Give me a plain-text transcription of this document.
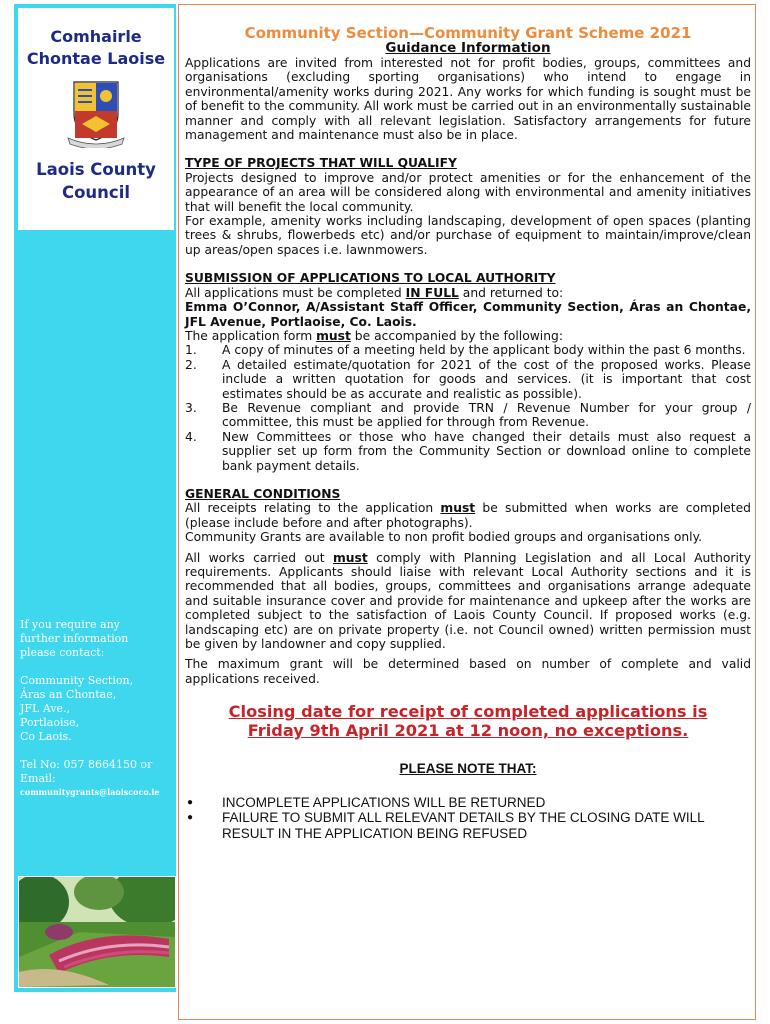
Comhairle
Chontae Laoise
Laois County
Council
If you require any
further information
please contact:
Community Section,
Áras an Chontae,
JFL Ave.,
Portlaoise,
Co Laois.
Tel No: 057 8664150 or
Email:
communitygrants@laoiscoco.ie
Community Section—Community Grant Scheme 2021
Guidance Information

Applications are invited from interested not for profit bodies, groups, committees and organisations (excluding sporting organisations) who intend to engage in environmental/amenity works during 2021. Any works for which funding is sought must be of benefit to the community. All work must be carried out in an environmentally sustainable manner and comply with all relevant legislation. Satisfactory arrangements for future management and maintenance must also be in place.

TYPE OF PROJECTS THAT WILL QUALIFY

Projects designed to improve and/or protect amenities or for the enhancement of the appearance of an area will be considered along with environmental and amenity initiatives that will benefit the local community.

For example, amenity works including landscaping, development of open spaces (planting trees & shrubs, flowerbeds etc) and/or purchase of equipment to maintain/improve/clean up areas/open spaces i.e. lawnmowers.

SUBMISSION OF APPLICATIONS TO LOCAL AUTHORITY

All applications must be completed IN FULL and returned to:

Emma O’Connor, A/Assistant Staff Officer, Community Section, Áras an Chontae, JFL Avenue, Portlaoise, Co. Laois.

The application form must be accompanied by the following:

1. A copy of minutes of a meeting held by the applicant body within the past 6 months.
2. A detailed estimate/quotation for 2021 of the cost of the proposed works. Please include a written quotation for goods and services. (it is important that cost estimates should be as accurate and realistic as possible).
3. Be Revenue compliant and provide TRN / Revenue Number for your group / committee, this must be applied for through from Revenue.
4. New Committees or those who have changed their details must also request a supplier set up form from the Community Section or download online to complete bank payment details.

GENERAL CONDITIONS

All receipts relating to the application must be submitted when works are completed (please include before and after photographs).

Community Grants are available to non profit bodied groups and organisations only.

All works carried out must comply with Planning Legislation and all Local Authority requirements. Applicants should liaise with relevant Local Authority sections and it is recommended that all bodies, groups, committees and organisations arrange adequate and suitable insurance cover and provide for maintenance and upkeep after the works are completed subject to the satisfaction of Laois County Council. If proposed works (e.g. landscaping etc) are on private property (i.e. not Council owned) written permission must be given by landowner and copy supplied.

The maximum grant will be determined based on number of complete and valid applications received.

Closing date for receipt of completed applications is
Friday 9th April 2021 at 12 noon, no exceptions.

PLEASE NOTE THAT:

● INCOMPLETE APPLICATIONS WILL BE RETURNED
● FAILURE TO SUBMIT ALL RELEVANT DETAILS BY THE CLOSING DATE WILL RESULT IN THE APPLICATION BEING REFUSED
